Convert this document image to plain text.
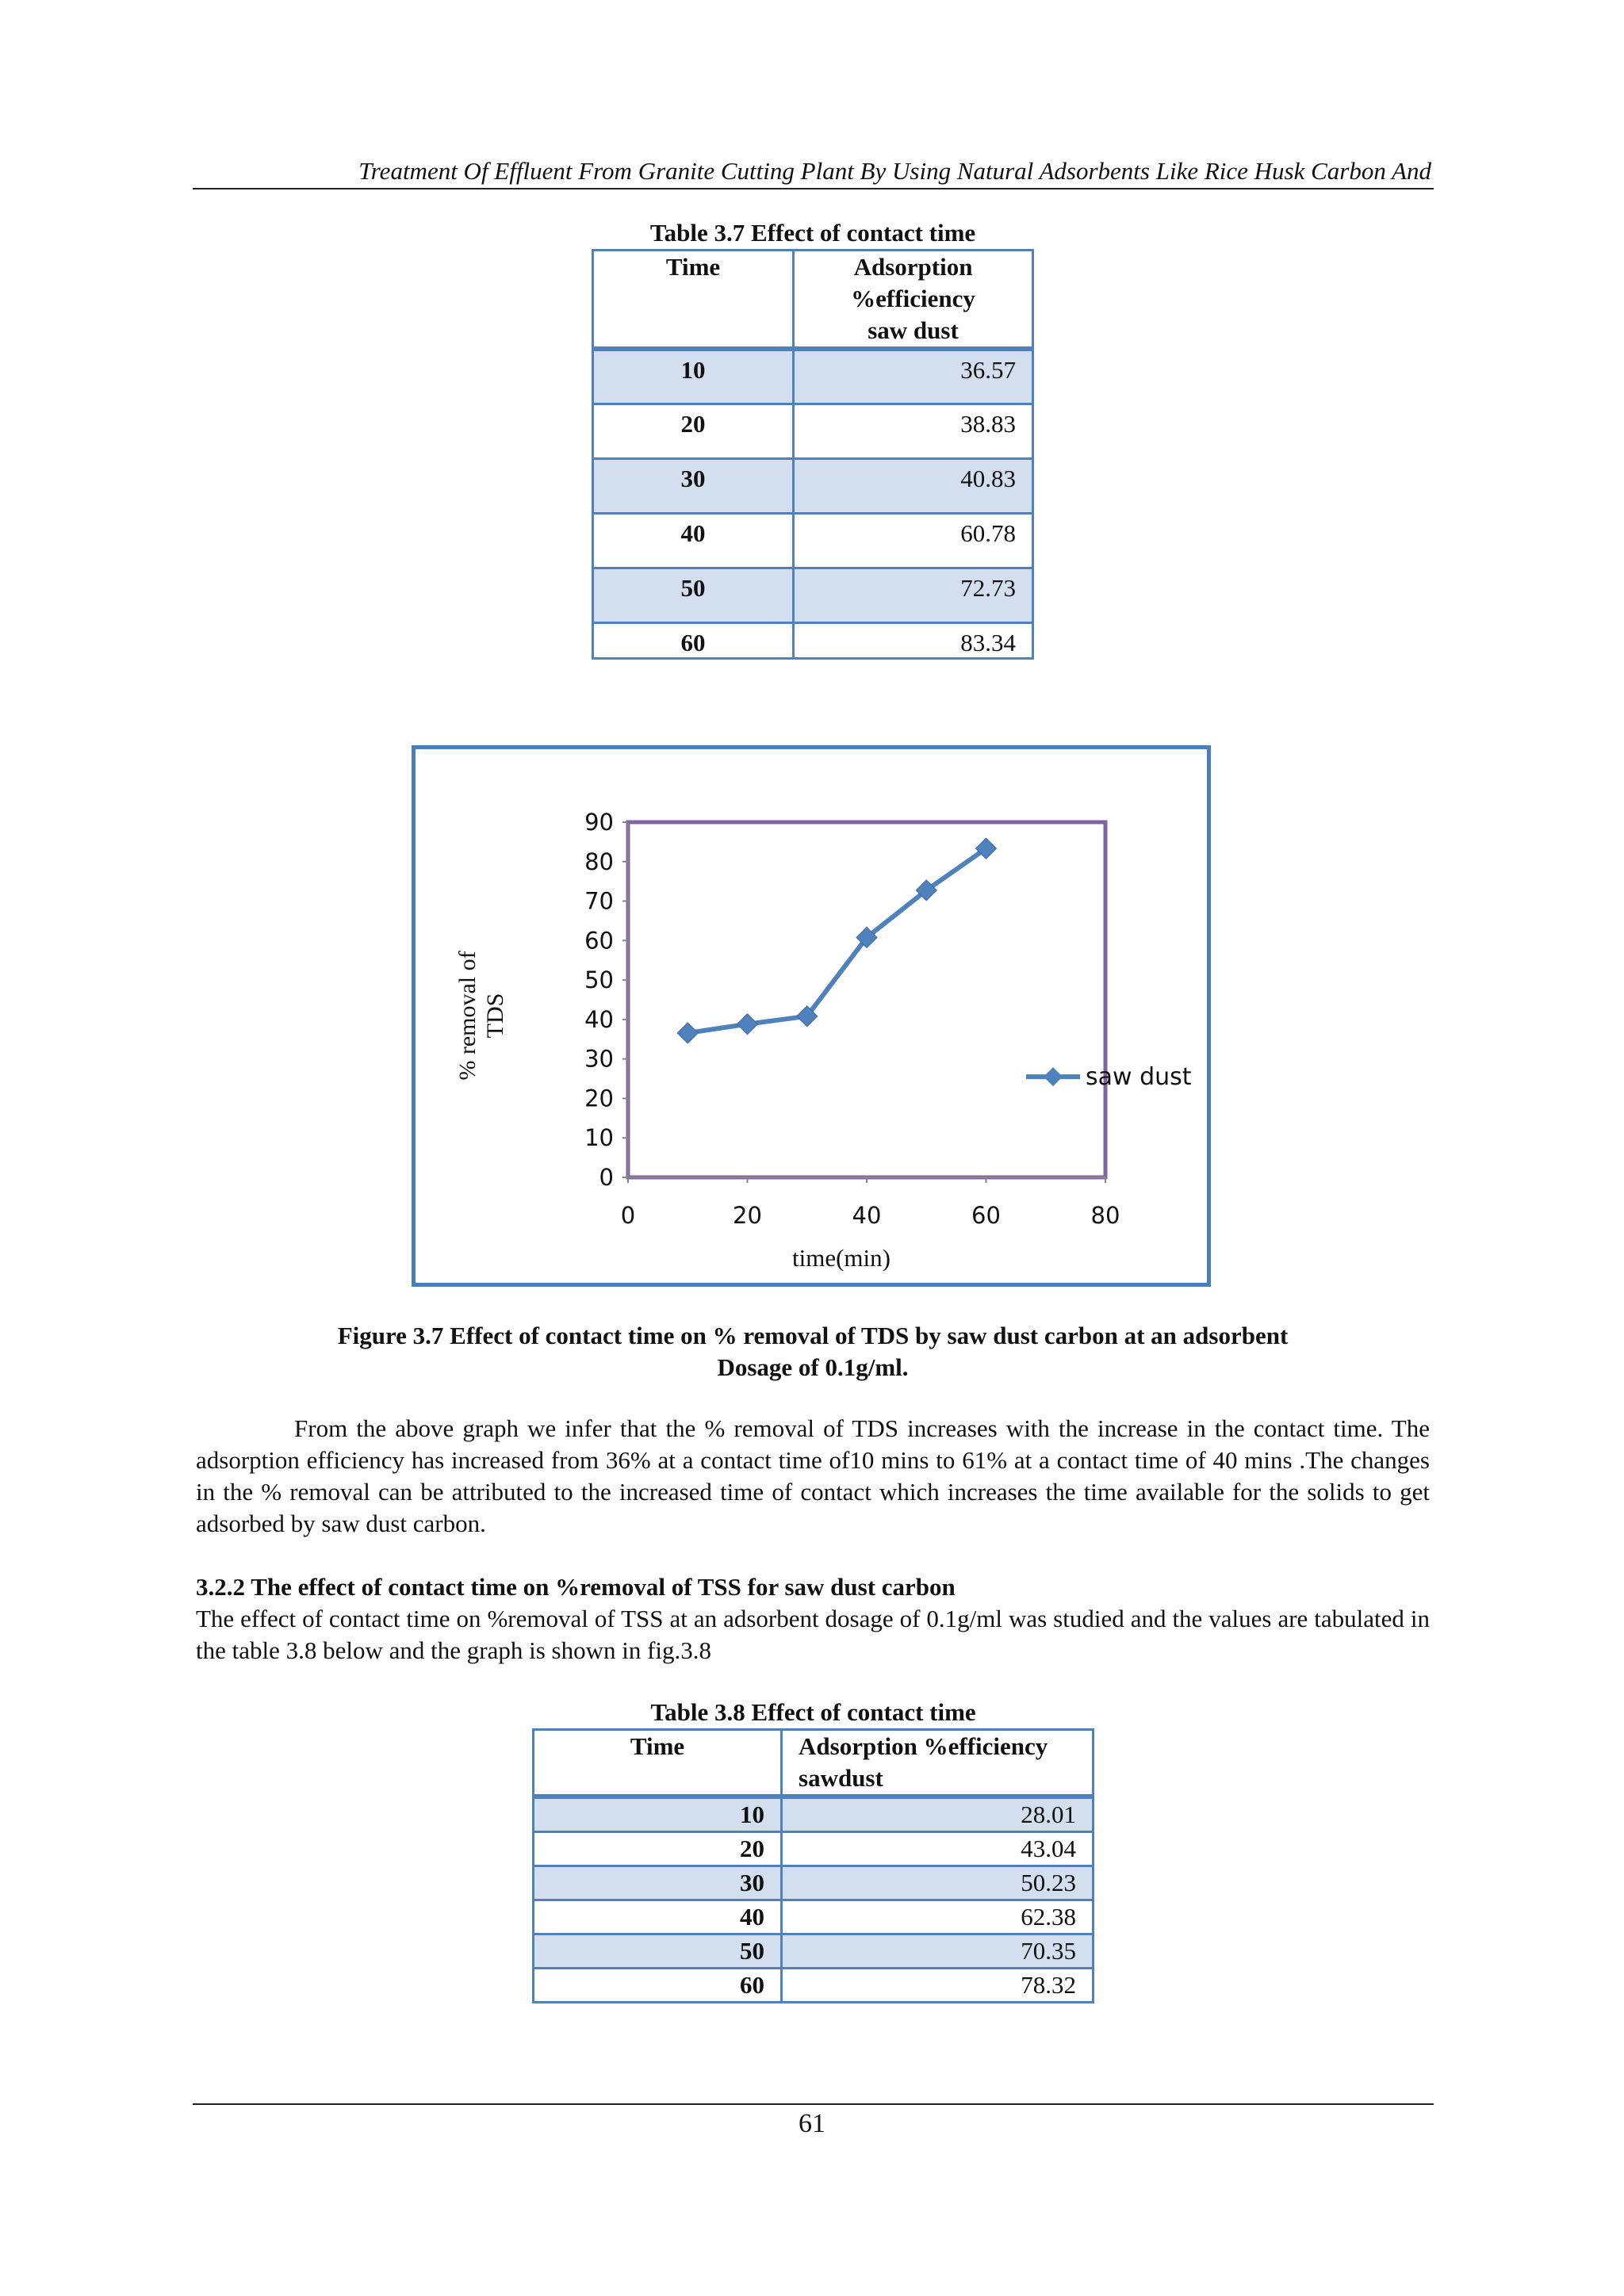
Treatment Of Effluent From Granite Cutting Plant By Using Natural Adsorbents Like Rice Husk Carbon And
Table 3.7 Effect of contact time
Time	Adsorption
%efficiency
saw dust

10	36.57
20	38.83
30	40.83
40	60.78
50	72.73
60	83.34
0
10
20
30
40
50
60
70
80
90
0	20	40	60	80
% removal of TDS
time(min)
saw dust
Figure 3.7 Effect of contact time on % removal of TDS by saw dust carbon at an adsorbent
Dosage of 0.1g/ml.
From the above graph we infer that the % removal of TDS increases with the increase in the contact time. The adsorption efficiency has increased from 36% at a contact time of10 mins to 61% at a contact time of 40 mins .The changes in the % removal can be attributed to the increased time of contact which increases the time available for the solids to get adsorbed by saw dust carbon.
3.2.2 The effect of contact time on %removal of TSS for saw dust carbon
The effect of contact time on %removal of TSS at an adsorbent dosage of 0.1g/ml was studied and the values are tabulated in the table 3.8 below and the graph is shown in fig.3.8
Table 3.8 Effect of contact time
Time	Adsorption %efficiency
sawdust

10	28.01
20	43.04
30	50.23
40	62.38
50	70.35
60	78.32
61
